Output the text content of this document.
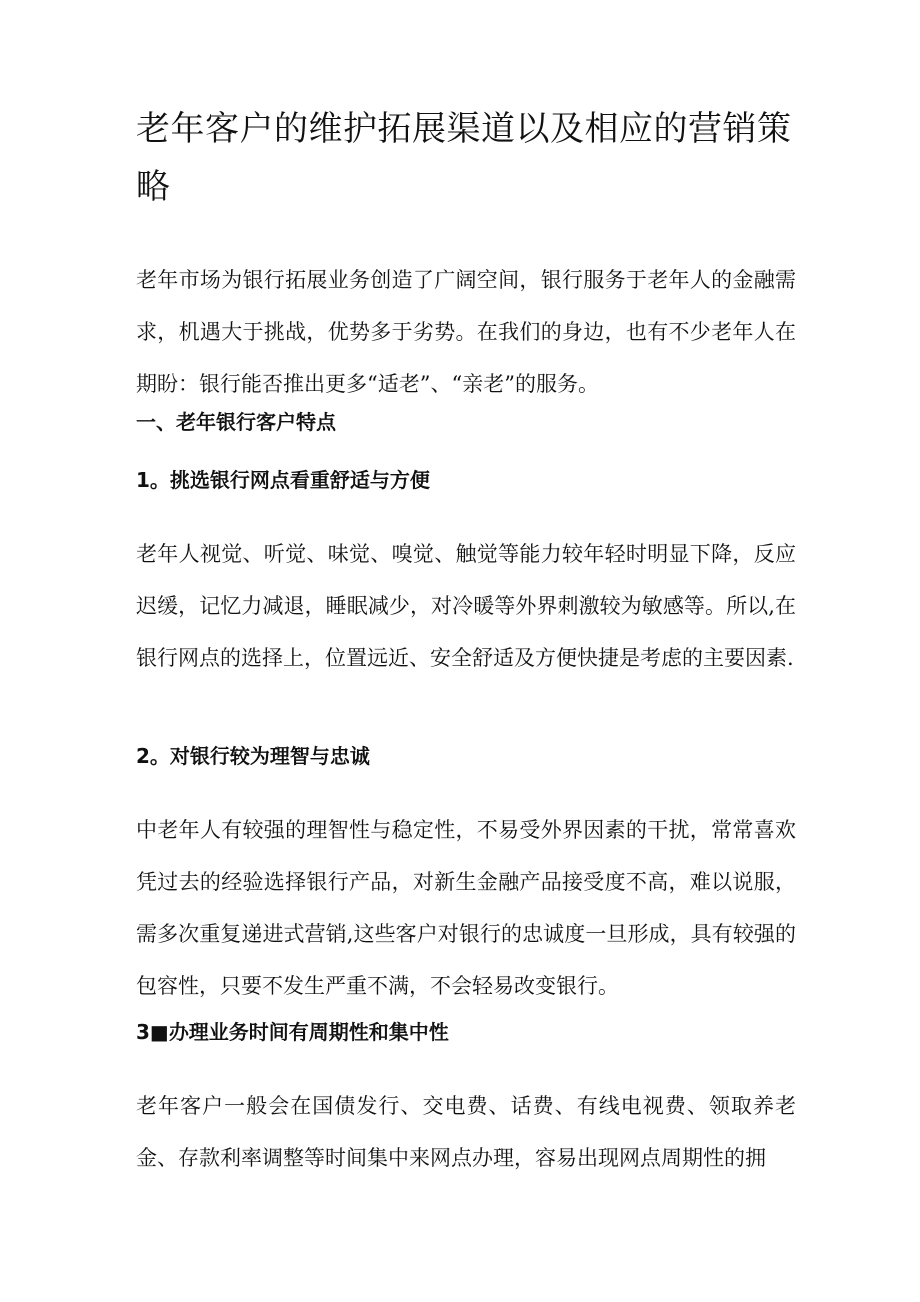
老年客户的维护拓展渠道以及相应的营销策略

老年市场为银行拓展业务创造了广阔空间，银行服务于老年人的金融需求，机遇大于挑战，优势多于劣势。在我们的身边，也有不少老年人在期盼：银行能否推出更多“适老”、“亲老”的服务。

一、老年银行客户特点
1。挑选银行网点看重舒适与方便

老年人视觉、听觉、味觉、嗅觉、触觉等能力较年轻时明显下降，反应迟缓，记忆力减退，睡眠减少，对冷暖等外界刺激较为敏感等。所以,在银行网点的选择上，位置远近、安全舒适及方便快捷是考虑的主要因素.

2。对银行较为理智与忠诚

中老年人有较强的理智性与稳定性，不易受外界因素的干扰，常常喜欢凭过去的经验选择银行产品，对新生金融产品接受度不高，难以说服，需多次重复递进式营销,这些客户对银行的忠诚度一旦形成，具有较强的包容性，只要不发生严重不满，不会轻易改变银行。

3■办理业务时间有周期性和集中性

老年客户一般会在国债发行、交电费、话费、有线电视费、领取养老金、存款利率调整等时间集中来网点办理，容易出现网点周期性的拥
